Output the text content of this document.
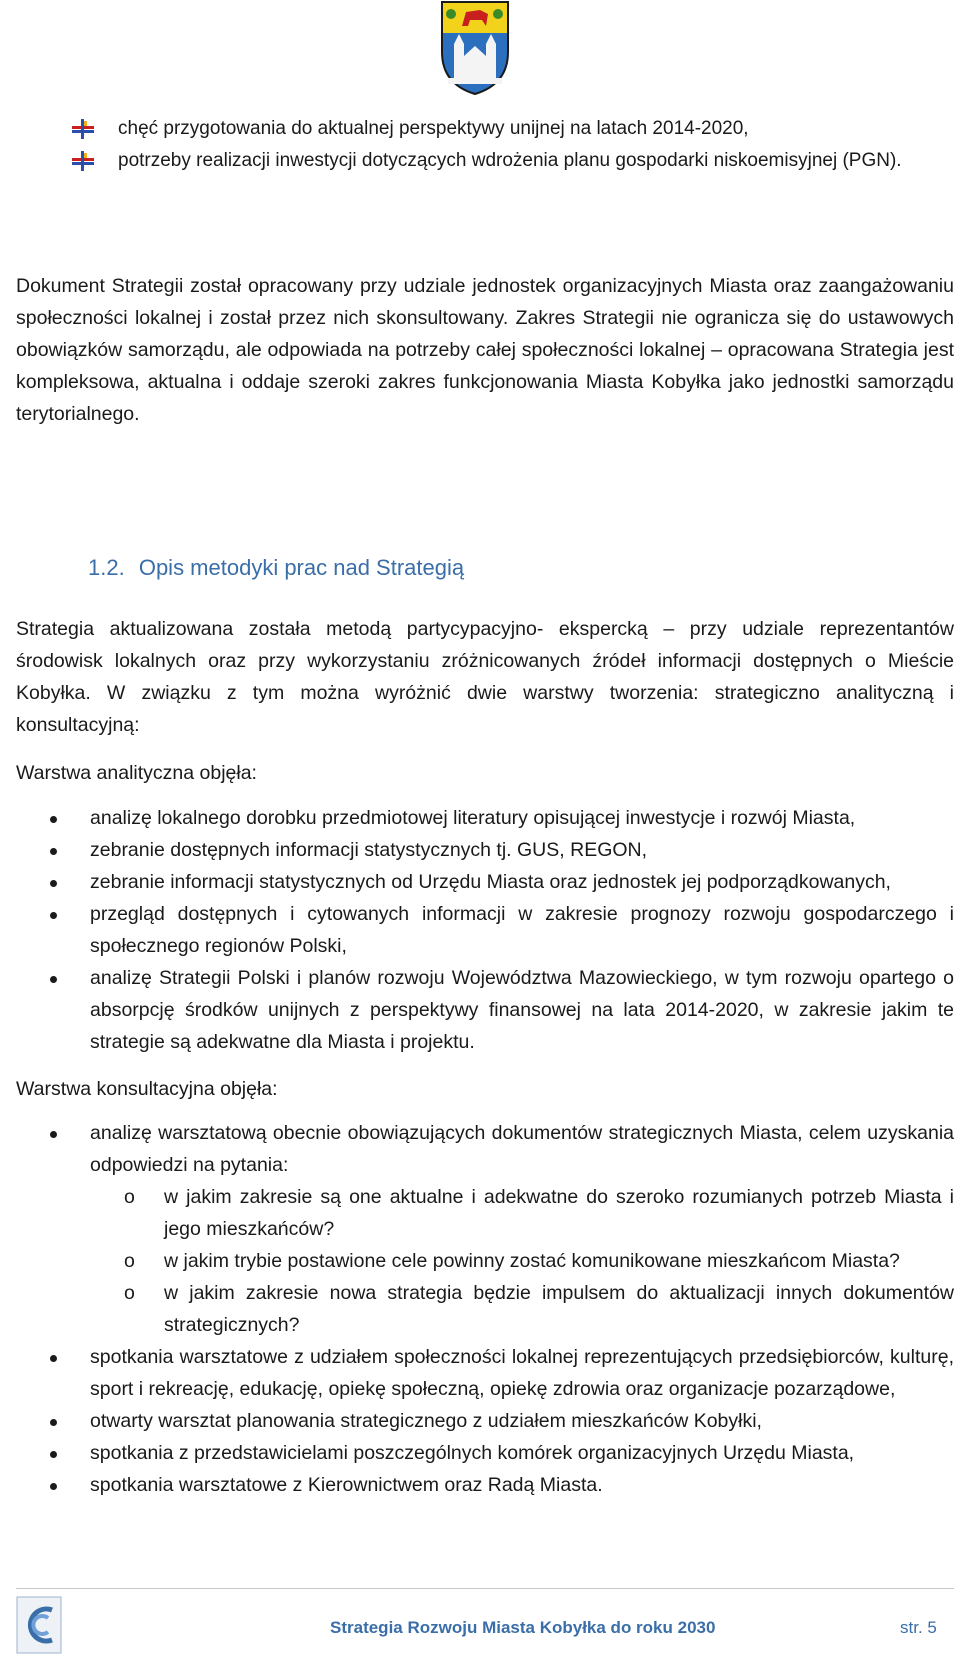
chęć przygotowania do aktualnej perspektywy unijnej na latach 2014-2020,
potrzeby realizacji inwestycji dotyczących wdrożenia planu gospodarki niskoemisyjnej (PGN).

Dokument Strategii został opracowany przy udziale jednostek organizacyjnych Miasta oraz zaangażowaniu społeczności lokalnej i został przez nich skonsultowany. Zakres Strategii nie ogranicza się do ustawowych obowiązków samorządu, ale odpowiada na potrzeby całej społeczności lokalnej – opracowana Strategia jest kompleksowa, aktualna i oddaje szeroki zakres funkcjonowania Miasta Kobyłka jako jednostki samorządu terytorialnego.

1.2. Opis metodyki prac nad Strategią

Strategia aktualizowana została metodą partycypacyjno- ekspercką – przy udziale reprezentantów środowisk lokalnych oraz przy wykorzystaniu zróżnicowanych źródeł informacji dostępnych o Mieście Kobyłka. W związku z tym można wyróżnić dwie warstwy tworzenia: strategiczno analityczną i konsultacyjną:

Warstwa analityczna objęła:

analizę lokalnego dorobku przedmiotowej literatury opisującej inwestycje i rozwój Miasta,
zebranie dostępnych informacji statystycznych tj. GUS, REGON,
zebranie informacji statystycznych od Urzędu Miasta oraz jednostek jej podporządkowanych,
przegląd dostępnych i cytowanych informacji w zakresie prognozy rozwoju gospodarczego i społecznego regionów Polski,
analizę Strategii Polski i planów rozwoju Województwa Mazowieckiego, w tym rozwoju opartego o absorpcję środków unijnych z perspektywy finansowej na lata 2014-2020, w zakresie jakim te strategie są adekwatne dla Miasta i projektu.

Warstwa konsultacyjna objęła:

analizę warsztatową obecnie obowiązujących dokumentów strategicznych Miasta, celem uzyskania odpowiedzi na pytania:
o w jakim zakresie są one aktualne i adekwatne do szeroko rozumianych potrzeb Miasta i jego mieszkańców?
o w jakim trybie postawione cele powinny zostać komunikowane mieszkańcom Miasta?
o w jakim zakresie nowa strategia będzie impulsem do aktualizacji innych dokumentów strategicznych?
spotkania warsztatowe z udziałem społeczności lokalnej reprezentujących przedsiębiorców, kulturę, sport i rekreację, edukację, opiekę społeczną, opiekę zdrowia oraz organizacje pozarządowe,
otwarty warsztat planowania strategicznego z udziałem mieszkańców Kobyłki,
spotkania z przedstawicielami poszczególnych komórek organizacyjnych Urzędu Miasta,
spotkania warsztatowe z Kierownictwem oraz Radą Miasta.
Strategia Rozwoju Miasta Kobyłka do roku 2030	str. 5
